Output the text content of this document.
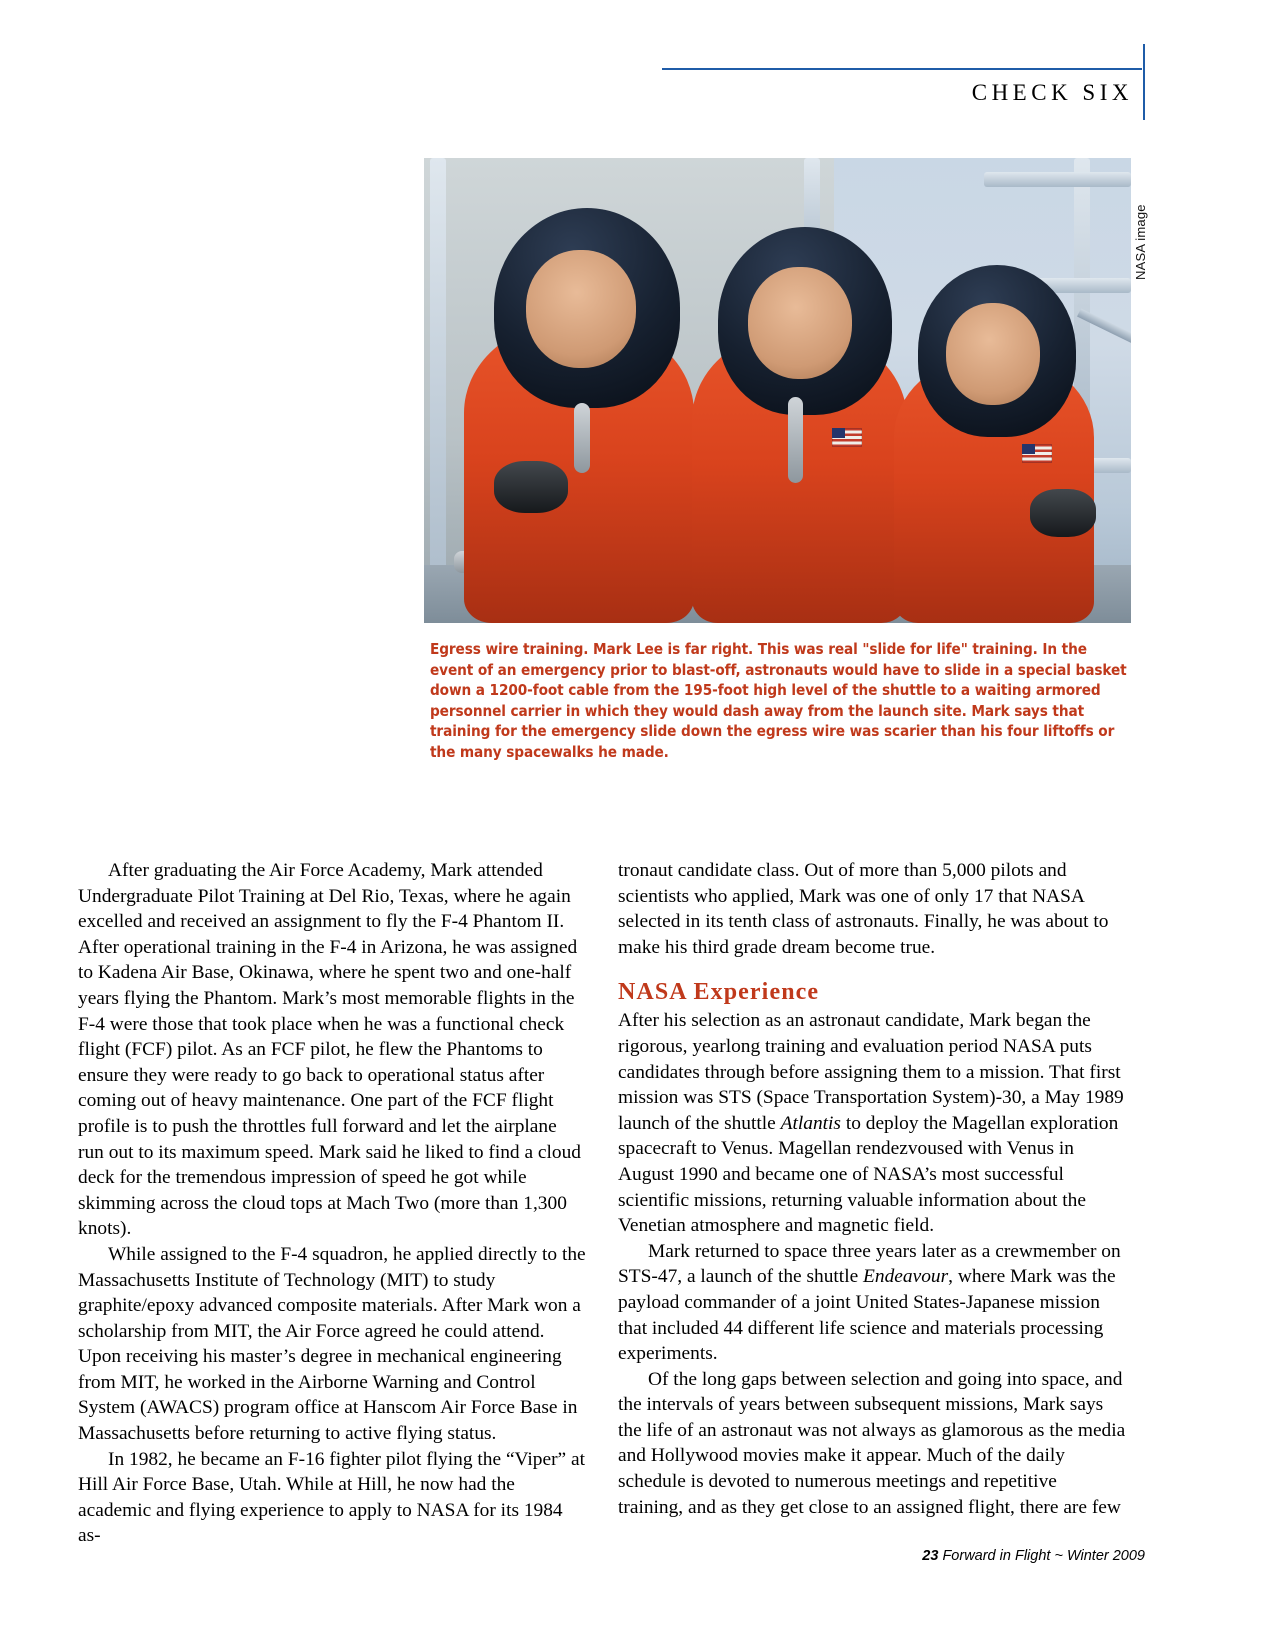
CHECK SIX
NASA image
Egress wire training. Mark Lee is far right. This was real "slide for life" training. In the event of an emergency prior to blast-off, astronauts would have to slide in a special basket down a 1200-foot cable from the 195-foot high level of the shuttle to a waiting armored personnel carrier in which they would dash away from the launch site. Mark says that training for the emergency slide down the egress wire was scarier than his four liftoffs or the many spacewalks he made.

After graduating the Air Force Academy, Mark attended Undergraduate Pilot Training at Del Rio, Texas, where he again excelled and received an assignment to fly the F-4 Phantom II. After operational training in the F-4 in Arizona, he was assigned to Kadena Air Base, Okinawa, where he spent two and one-half years flying the Phantom. Mark’s most memorable flights in the F-4 were those that took place when he was a functional check flight (FCF) pilot. As an FCF pilot, he flew the Phantoms to ensure they were ready to go back to operational status after coming out of heavy maintenance. One part of the FCF flight profile is to push the throttles full forward and let the airplane run out to its maximum speed. Mark said he liked to find a cloud deck for the tremendous impression of speed he got while skimming across the cloud tops at Mach Two (more than 1,300 knots).

While assigned to the F-4 squadron, he applied directly to the Massachusetts Institute of Technology (MIT) to study graphite/epoxy advanced composite materials. After Mark won a scholarship from MIT, the Air Force agreed he could attend. Upon receiving his master’s degree in mechanical engineering from MIT, he worked in the Airborne Warning and Control System (AWACS) program office at Hanscom Air Force Base in Massachusetts before returning to active flying status.

In 1982, he became an F-16 fighter pilot flying the “Viper” at Hill Air Force Base, Utah. While at Hill, he now had the academic and flying experience to apply to NASA for its 1984 as-

tronaut candidate class. Out of more than 5,000 pilots and scientists who applied, Mark was one of only 17 that NASA selected in its tenth class of astronauts. Finally, he was about to make his third grade dream become true.

NASA Experience

After his selection as an astronaut candidate, Mark began the rigorous, yearlong training and evaluation period NASA puts candidates through before assigning them to a mission. That first mission was STS (Space Transportation System)-30, a May 1989 launch of the shuttle Atlantis to deploy the Magellan exploration spacecraft to Venus. Magellan rendezvoused with Venus in August 1990 and became one of NASA’s most successful scientific missions, returning valuable information about the Venetian atmosphere and magnetic field.

Mark returned to space three years later as a crewmember on STS-47, a launch of the shuttle Endeavour, where Mark was the payload commander of a joint United States-Japanese mission that included 44 different life science and materials processing experiments.

Of the long gaps between selection and going into space, and the intervals of years between subsequent missions, Mark says the life of an astronaut was not always as glamorous as the media and Hollywood movies make it appear. Much of the daily schedule is devoted to numerous meetings and repetitive training, and as they get close to an assigned flight, there are few

23 Forward in Flight ~ Winter 2009
